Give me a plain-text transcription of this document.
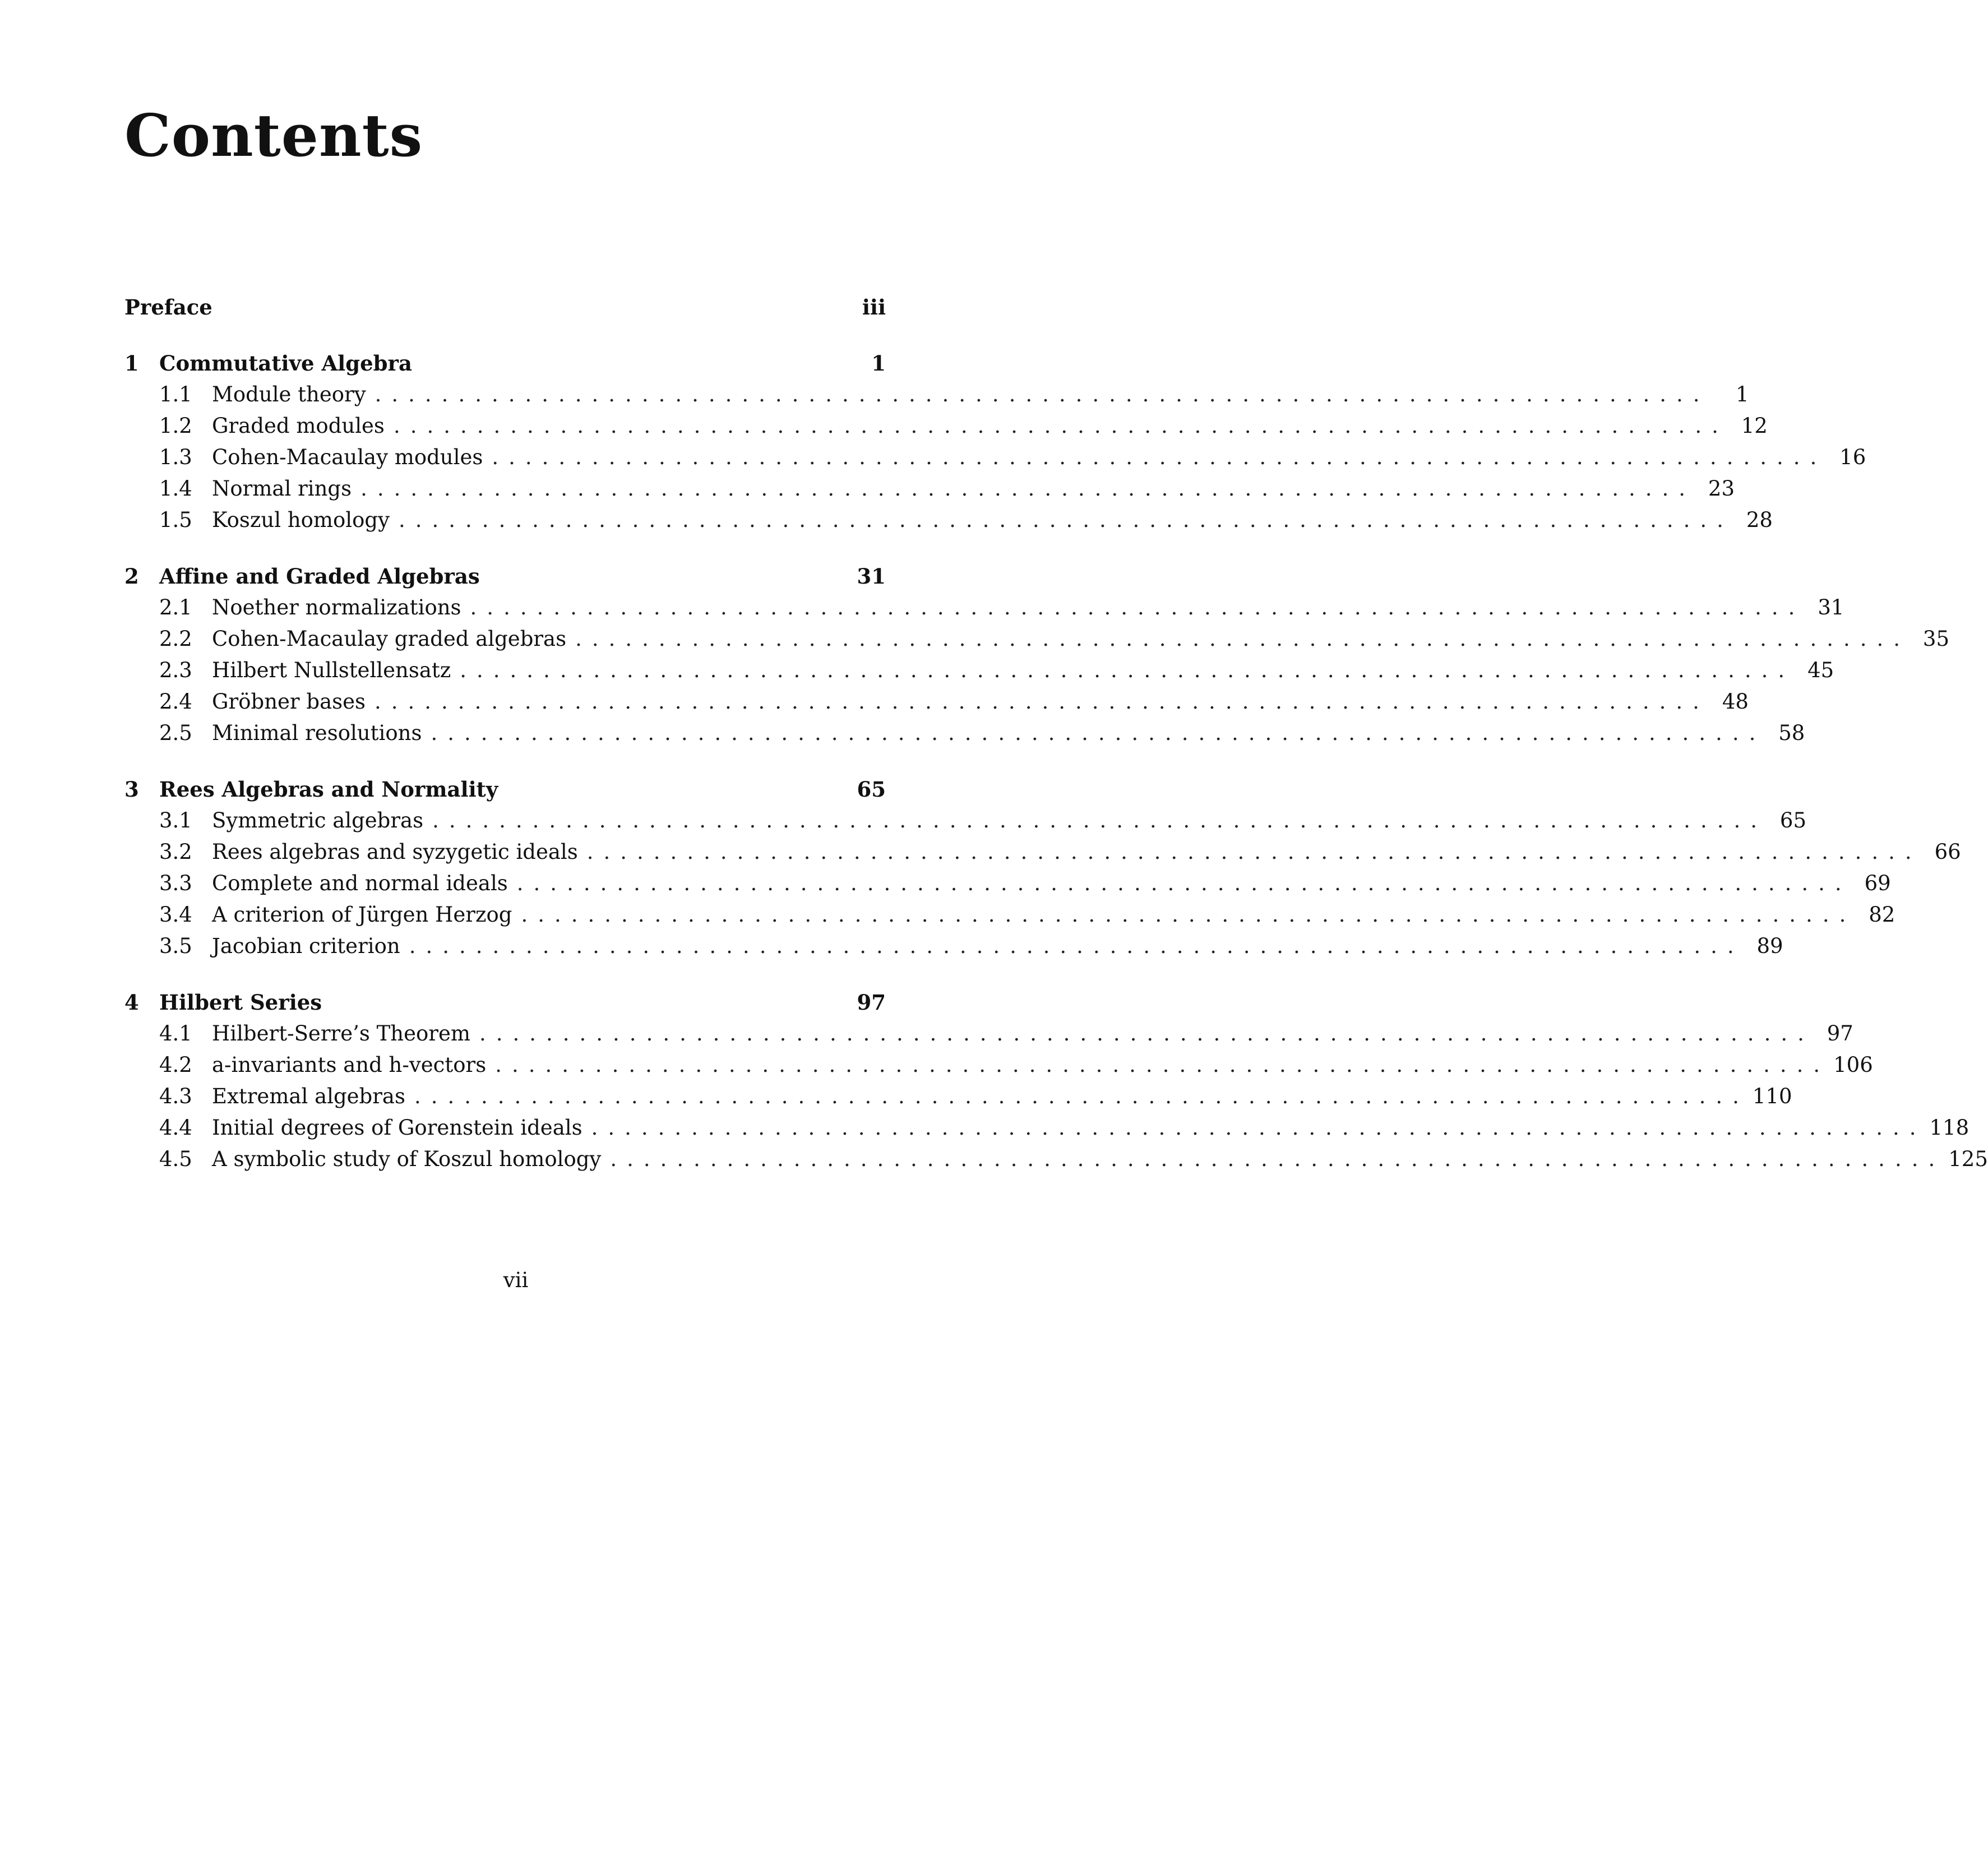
Contents
Preface	iii
1 Commutative Algebra	1
1.1 Module theory ................................................................................	1
1.2 Graded modules ................................................................................ 12
1.3 Cohen-Macaulay modules ................................................................................ 16
1.4 Normal rings ................................................................................ 23
1.5 Koszul homology ................................................................................ 28
2 Affine and Graded Algebras	31
2.1 Noether normalizations ................................................................................ 31
2.2 Cohen-Macaulay graded algebras ................................................................................ 35
2.3 Hilbert Nullstellensatz ................................................................................ 45
2.4 Gröbner bases ................................................................................ 48
2.5 Minimal resolutions ................................................................................ 58
3 Rees Algebras and Normality	65
3.1 Symmetric algebras ................................................................................ 65
3.2 Rees algebras and syzygetic ideals ................................................................................ 66
3.3 Complete and normal ideals ................................................................................ 69
3.4 A criterion of Jürgen Herzog ................................................................................ 82
3.5 Jacobian criterion ................................................................................ 89
4 Hilbert Series	97
4.1 Hilbert-Serre’s Theorem ................................................................................ 97
4.2 a-invariants and h-vectors ................................................................................ 106
4.3 Extremal algebras ................................................................................ 110
4.4 Initial degrees of Gorenstein ideals ................................................................................ 118
4.5 A symbolic study of Koszul homology ................................................................................ 125
vii
